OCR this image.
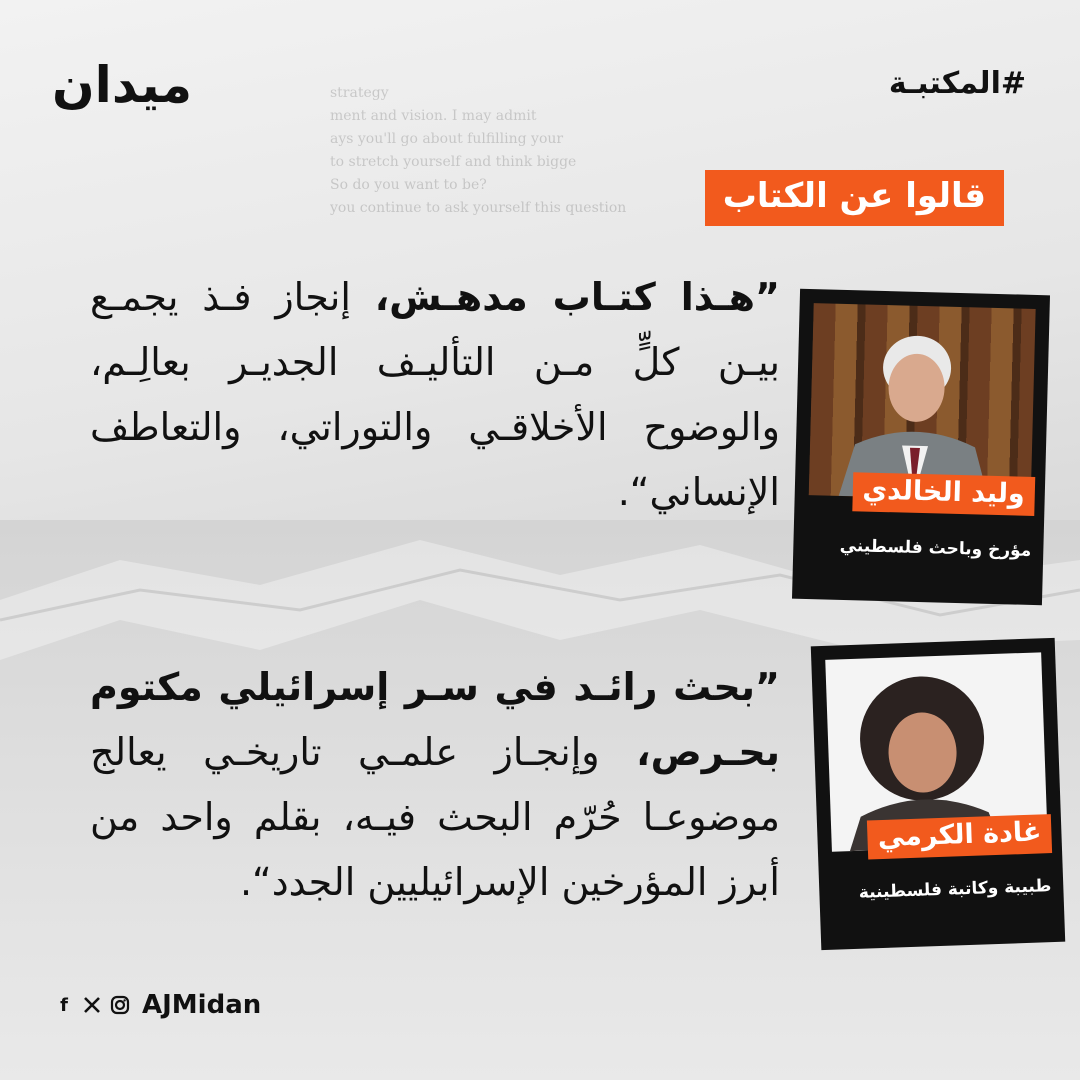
strategy
ment and vision. I may admit
ays you'll go about fulfilling your
to stretch yourself and think bigge
So do you want to be?
you continue to ask yourself this question
ميدان	#المكتبـة
قالوا عن الكتاب
”هـذا كتـاب مدهـش، إنجاز فـذ يجمـع بيـن كلٍّ مـن التأليـف الجديـر بعالِـم، والوضوح الأخلاقـي والتوراتي، والتعاطف الإنساني“.
”بحث رائـد في سـر إسرائيلي مكتوم بحـرص، وإنجـاز علمـي تاريخـي يعالج موضوعـا حُرّم البحث فيـه، بقلم واحد من أبرز المؤرخين الإسرائيليين الجدد“.
وليد الخالدي
مؤرخ وباحث فلسطيني
غادة الكرمي
طبيبة وكاتبة فلسطينية
f	AJMidan
